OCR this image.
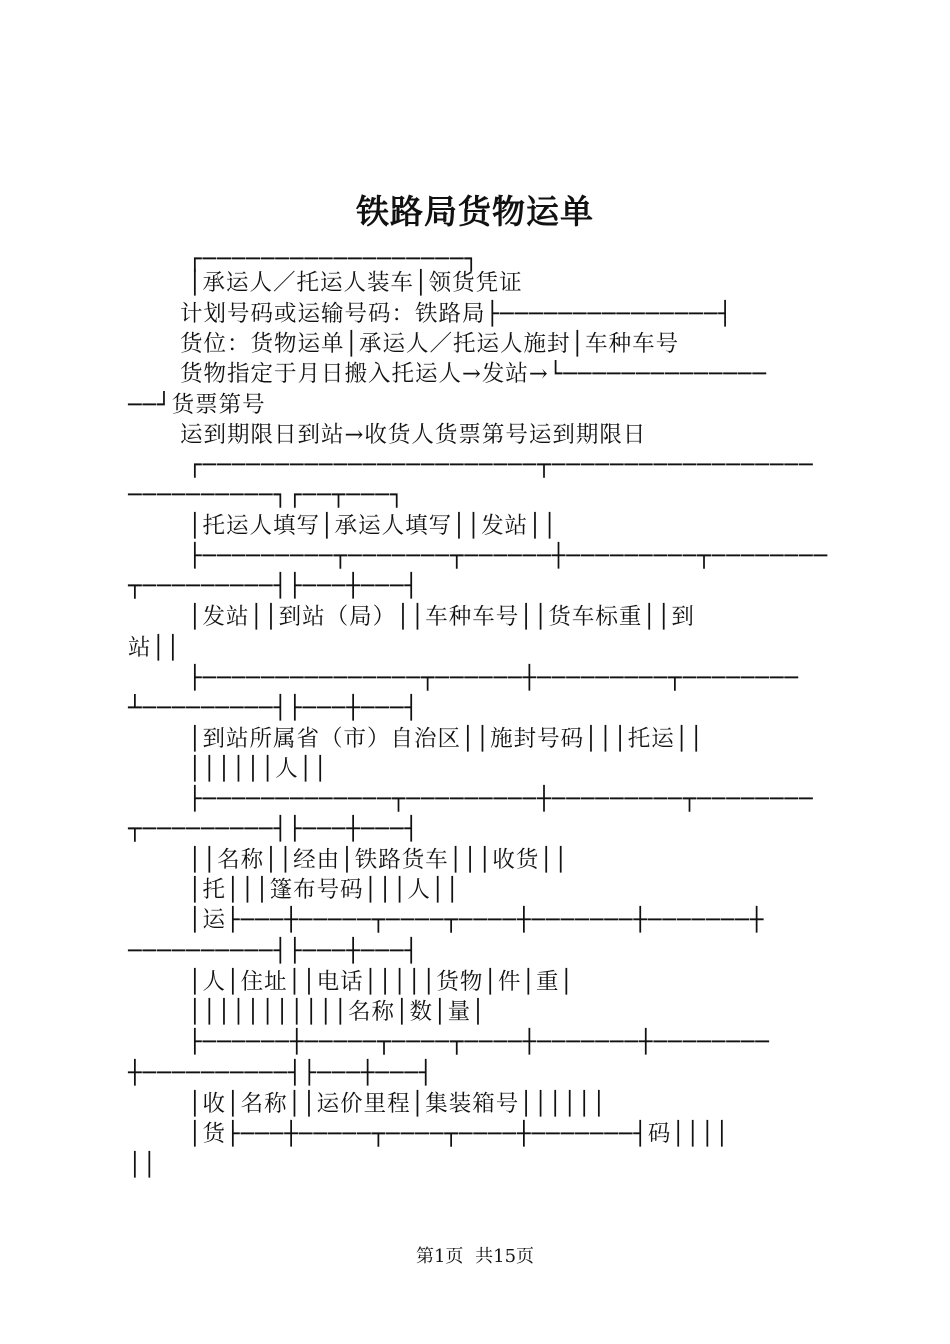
铁路局货物运单
┌──────────────────┐
│承运人／托运人装车│领货凭证
计划号码或运输号码：铁路局├───────────────┤
货位：货物运单│承运人／托运人施封│车种车号
货物指定于月日搬入托运人→发站→└──────────────
──┘货票第号
运到期限日到站→收货人货票第号运到期限日
┌───────────────────────┬──────────────────
──────────┐┌──┬───┐
│托运人填写│承运人填写││发站││
├─────────┬───────┬──────┼─────────┬────────
┬─────────┤├───┼───┤
│发站││到站（局）││车种车号││货车标重││到
站││
├───────────────┬──────┼─────────┬────────
┴─────────┤├───┼───┤
│到站所属省（市）自治区││施封号码│││托运││
││││││人││
├─────────────┬─────────┼─────────┬────────
┬─────────┤├───┼───┤
││名称││经由│铁路货车│││收货││
│托│││篷布号码│││人││
│运├───┼─────┬────┬────┼───────┼───────┼
──────────┤├───┼───┤
│人│住址││电话│││││货物│件│重│
│││││││││││名称│数│量│
├──────┼─────┬────┬────┼───────┼────────
┼──────────┤├───┼───┤
│收│名称││运价里程│集装箱号││││││
│货├───┼─────┬────┬────┼───────┤码││││
││
第1页 共15页
